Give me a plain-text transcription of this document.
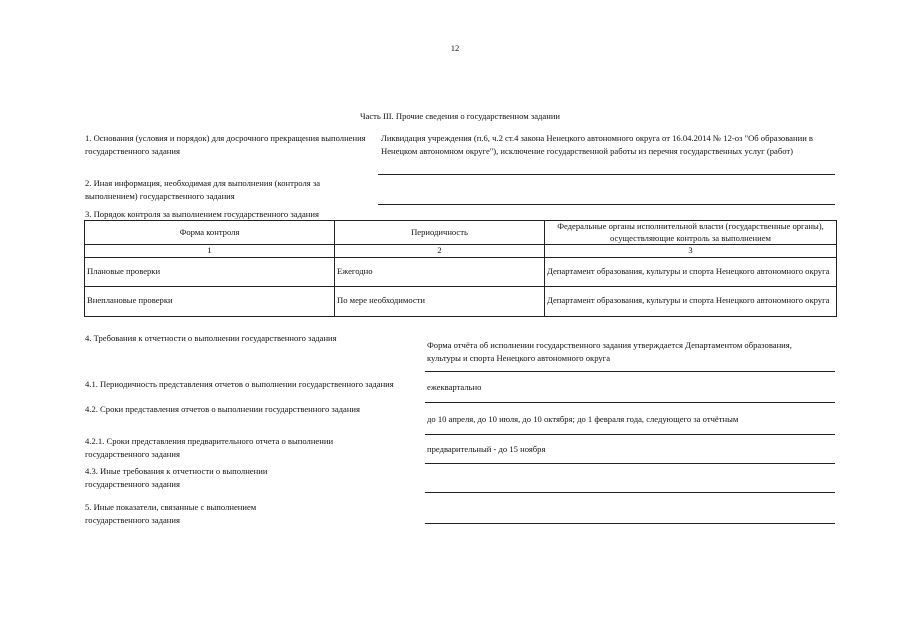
12
Часть III. Прочие сведения о государственном задании
1. Основания (условия и порядок) для досрочного прекращения выполнения государственного задания
Ликвидация учреждения (п.6, ч.2 ст.4 закона Ненецкого автономного округа от 16.04.2014 № 12-оз "Об образовании в Ненецком автономном округе"), исключение государственной работы из перечня государственных услуг (работ)
2. Иная информация, необходимая для выполнения (контроля за выполнением) государственного задания
3. Порядок контроля за выполнением государственного задания
Форма контроля	Периодичность	Федеральные органы исполнительной власти (государственные органы), осуществляющие контроль за выполнением
1	2	3
Плановые проверки	Ежегодно	Департамент образования, культуры и спорта Ненецкого автономного округа
Внеплановые проверки	По мере необходимости	Департамент образования, культуры и спорта Ненецкого автономного округа
4. Требования к отчетности о выполнении государственного задания
Форма отчёта об исполнении государственного задания утверждается Департаментом образования, культуры и спорта Ненецкого автономного округа
4.1. Периодичность представления отчетов о выполнении государственного задания	ежеквартально
4.2. Сроки представления отчетов о выполнении государственного задания
до 10 апреля, до 10 июля, до 10 октября; до 1 февраля года, следующего за отчётным
4.2.1. Сроки представления предварительного отчета о выполнении государственного задания	предварительный - до 15 ноября
4.3. Иные требования к отчетности о выполнении государственного задания
5. Иные показатели, связанные с выполнением государственного задания
